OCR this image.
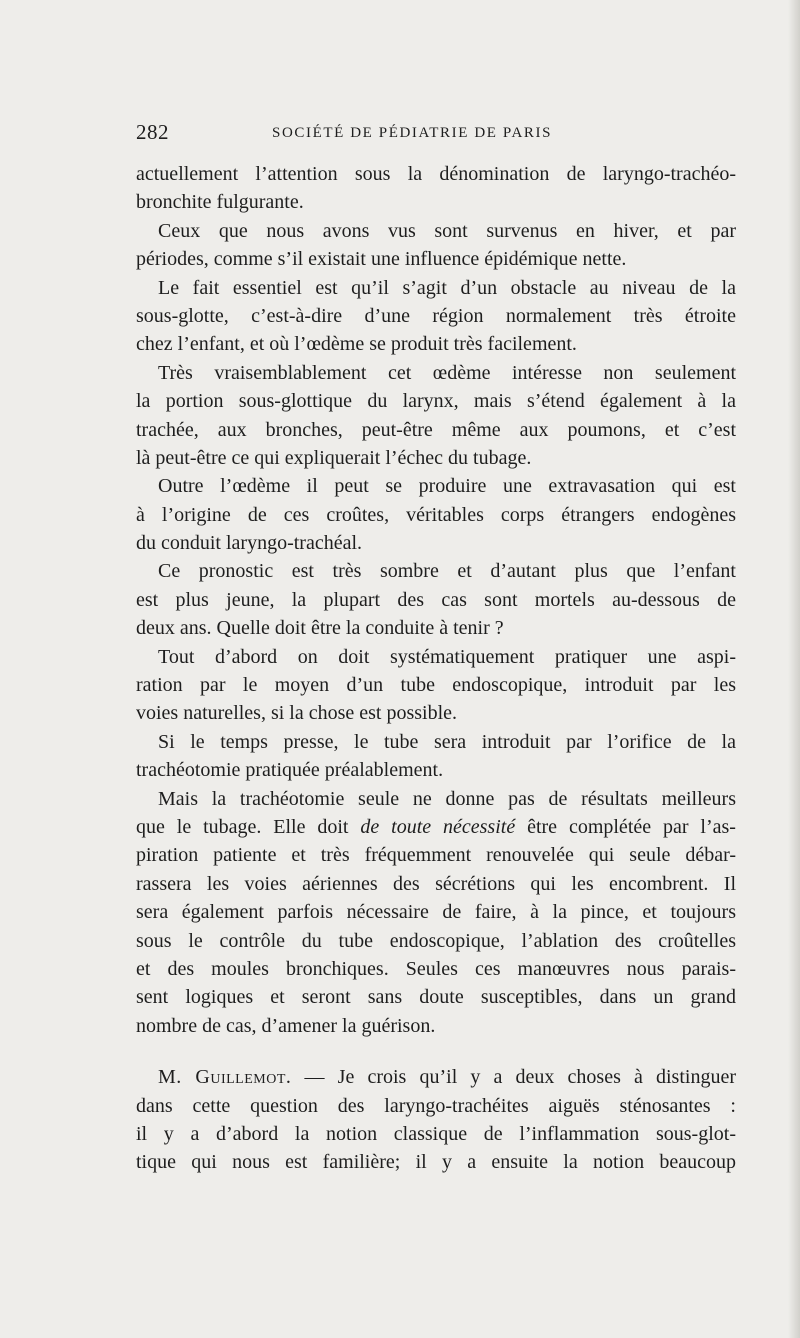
282	SOCIÉTÉ DE PÉDIATRIE DE PARIS
actuellement l’attention sous la dénomination de laryngo-trachéo-
bronchite fulgurante.
Ceux que nous avons vus sont survenus en hiver, et par
périodes, comme s’il existait une influence épidémique nette.
Le fait essentiel est qu’il s’agit d’un obstacle au niveau de la
sous-glotte, c’est-à-dire d’une région normalement très étroite
chez l’enfant, et où l’œdème se produit très facilement.
Très vraisemblablement cet œdème intéresse non seulement
la portion sous-glottique du larynx, mais s’étend également à la
trachée, aux bronches, peut-être même aux poumons, et c’est
là peut-être ce qui expliquerait l’échec du tubage.
Outre l’œdème il peut se produire une extravasation qui est
à l’origine de ces croûtes, véritables corps étrangers endogènes
du conduit laryngo-trachéal.
Ce pronostic est très sombre et d’autant plus que l’enfant
est plus jeune, la plupart des cas sont mortels au-dessous de
deux ans. Quelle doit être la conduite à tenir ?
Tout d’abord on doit systématiquement pratiquer une aspi-
ration par le moyen d’un tube endoscopique, introduit par les
voies naturelles, si la chose est possible.
Si le temps presse, le tube sera introduit par l’orifice de la
trachéotomie pratiquée préalablement.
Mais la trachéotomie seule ne donne pas de résultats meilleurs
que le tubage. Elle doit de toute nécessité être complétée par l’as-
piration patiente et très fréquemment renouvelée qui seule débar-
rassera les voies aériennes des sécrétions qui les encombrent. Il
sera également parfois nécessaire de faire, à la pince, et toujours
sous le contrôle du tube endoscopique, l’ablation des croûtelles
et des moules bronchiques. Seules ces manœuvres nous parais-
sent logiques et seront sans doute susceptibles, dans un grand
nombre de cas, d’amener la guérison.
M. Guillemot. — Je crois qu’il y a deux choses à distinguer
dans cette question des laryngo-trachéites aiguës sténosantes :
il y a d’abord la notion classique de l’inflammation sous-glot-
tique qui nous est familière; il y a ensuite la notion beaucoup
